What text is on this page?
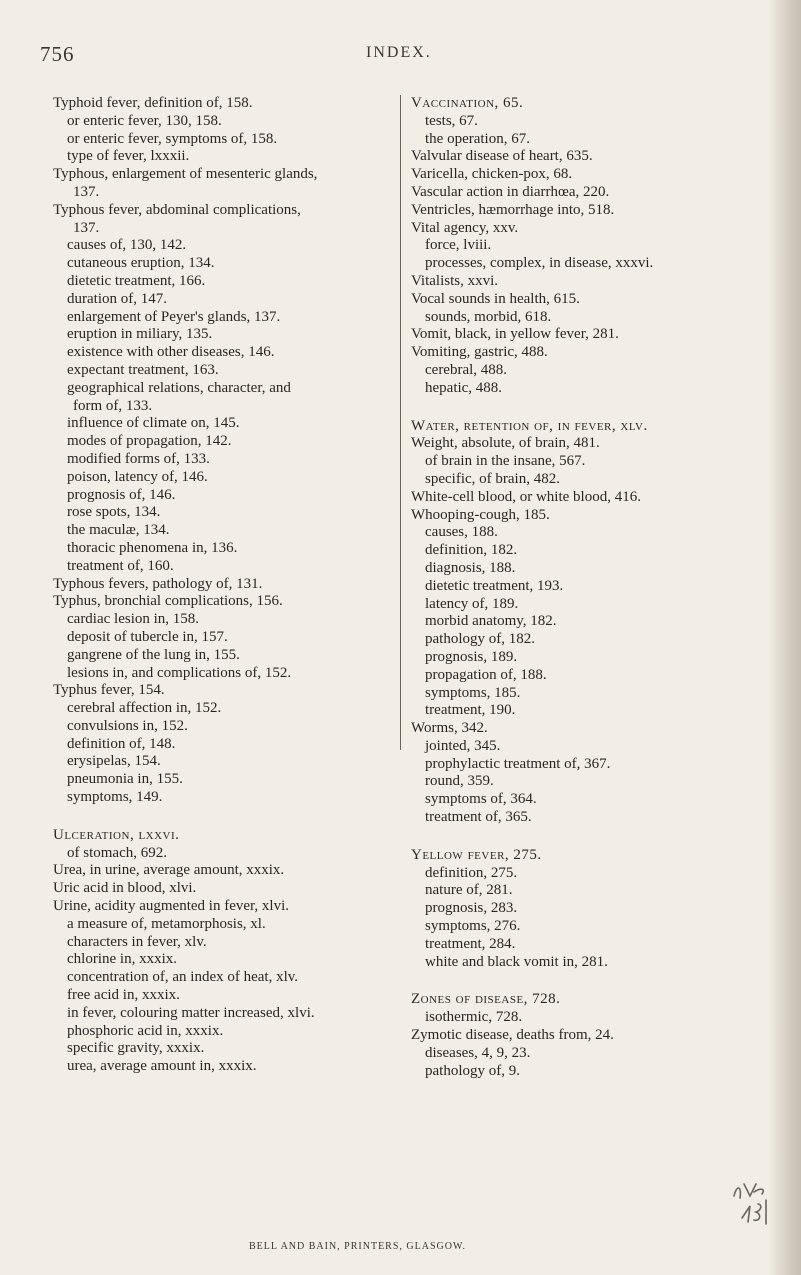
756	INDEX.
Typhoid fever, definition of, 158.
or enteric fever, 130, 158.
or enteric fever, symptoms of, 158.
type of fever, lxxxii.
Typhous, enlargement of mesenteric glands,
137.
Typhous fever, abdominal complications,
137.
causes of, 130, 142.
cutaneous eruption, 134.
dietetic treatment, 166.
duration of, 147.
enlargement of Peyer's glands, 137.
eruption in miliary, 135.
existence with other diseases, 146.
expectant treatment, 163.
geographical relations, character, and
form of, 133.
influence of climate on, 145.
modes of propagation, 142.
modified forms of, 133.
poison, latency of, 146.
prognosis of, 146.
rose spots, 134.
the maculæ, 134.
thoracic phenomena in, 136.
treatment of, 160.
Typhous fevers, pathology of, 131.
Typhus, bronchial complications, 156.
cardiac lesion in, 158.
deposit of tubercle in, 157.
gangrene of the lung in, 155.
lesions in, and complications of, 152.
Typhus fever, 154.
cerebral affection in, 152.
convulsions in, 152.
definition of, 148.
erysipelas, 154.
pneumonia in, 155.
symptoms, 149.
Ulceration, lxxvi.
of stomach, 692.
Urea, in urine, average amount, xxxix.
Uric acid in blood, xlvi.
Urine, acidity augmented in fever, xlvi.
a measure of, metamorphosis, xl.
characters in fever, xlv.
chlorine in, xxxix.
concentration of, an index of heat, xlv.
free acid in, xxxix.
in fever, colouring matter increased, xlvi.
phosphoric acid in, xxxix.
specific gravity, xxxix.
urea, average amount in, xxxix.
Vaccination, 65.
tests, 67.
the operation, 67.
Valvular disease of heart, 635.
Varicella, chicken-pox, 68.
Vascular action in diarrhœa, 220.
Ventricles, hæmorrhage into, 518.
Vital agency, xxv.
force, lviii.
processes, complex, in disease, xxxvi.
Vitalists, xxvi.
Vocal sounds in health, 615.
sounds, morbid, 618.
Vomit, black, in yellow fever, 281.
Vomiting, gastric, 488.
cerebral, 488.
hepatic, 488.
Water, retention of, in fever, xlv.
Weight, absolute, of brain, 481.
of brain in the insane, 567.
specific, of brain, 482.
White-cell blood, or white blood, 416.
Whooping-cough, 185.
causes, 188.
definition, 182.
diagnosis, 188.
dietetic treatment, 193.
latency of, 189.
morbid anatomy, 182.
pathology of, 182.
prognosis, 189.
propagation of, 188.
symptoms, 185.
treatment, 190.
Worms, 342.
jointed, 345.
prophylactic treatment of, 367.
round, 359.
symptoms of, 364.
treatment of, 365.
Yellow fever, 275.
definition, 275.
nature of, 281.
prognosis, 283.
symptoms, 276.
treatment, 284.
white and black vomit in, 281.
Zones of disease, 728.
isothermic, 728.
Zymotic disease, deaths from, 24.
diseases, 4, 9, 23.
pathology of, 9.
BELL AND BAIN, PRINTERS, GLASGOW.
